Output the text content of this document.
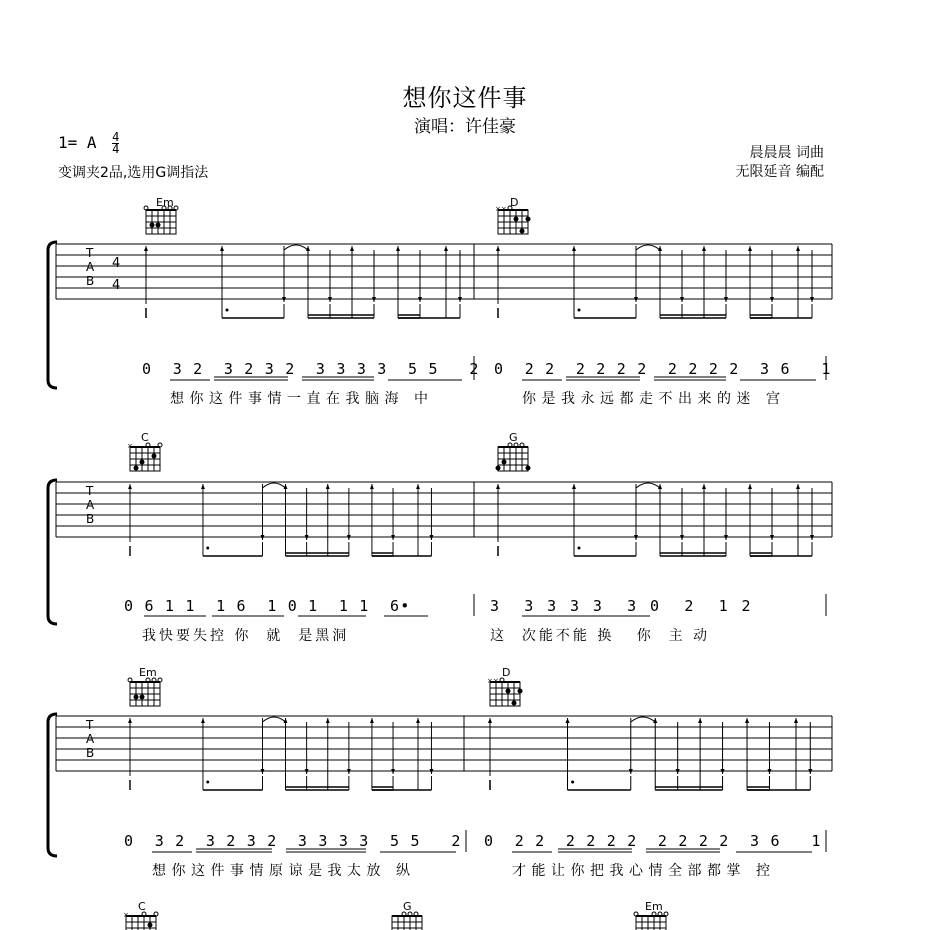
想你这件事
演唱：许佳豪
1= A $\frac{4}{4}$
变调夹2品,选用G调指法
晨晨晨 词曲
无限延音 编配
××
×
××
×
Em	D
C	G
Em	D
C	G	Em
T
A
B
4
4
T
A
B
T
A
B
0  3 2  3 2 3 2  3 3 3 3  5 5   2 0  2 2  2 2 2 2  2 2 2 2  3 6   1
想你这件事情一直在我脑海 中	你是我永远都走不出来的迷 宫
0 6 1 1  1 6  1 0 1  1 1  6•	3  3 3 3 3  3 0  2  1 2
我快要失控 你  就  是黑洞	这  次能不能 换   你  主 动
0  3 2  3 2 3 2  3 3 3 3  5 5   2 0  2 2  2 2 2 2  2 2 2 2  3 6   1
想你这件事情原谅是我太放 纵	才能让你把我心情全部都掌 控
